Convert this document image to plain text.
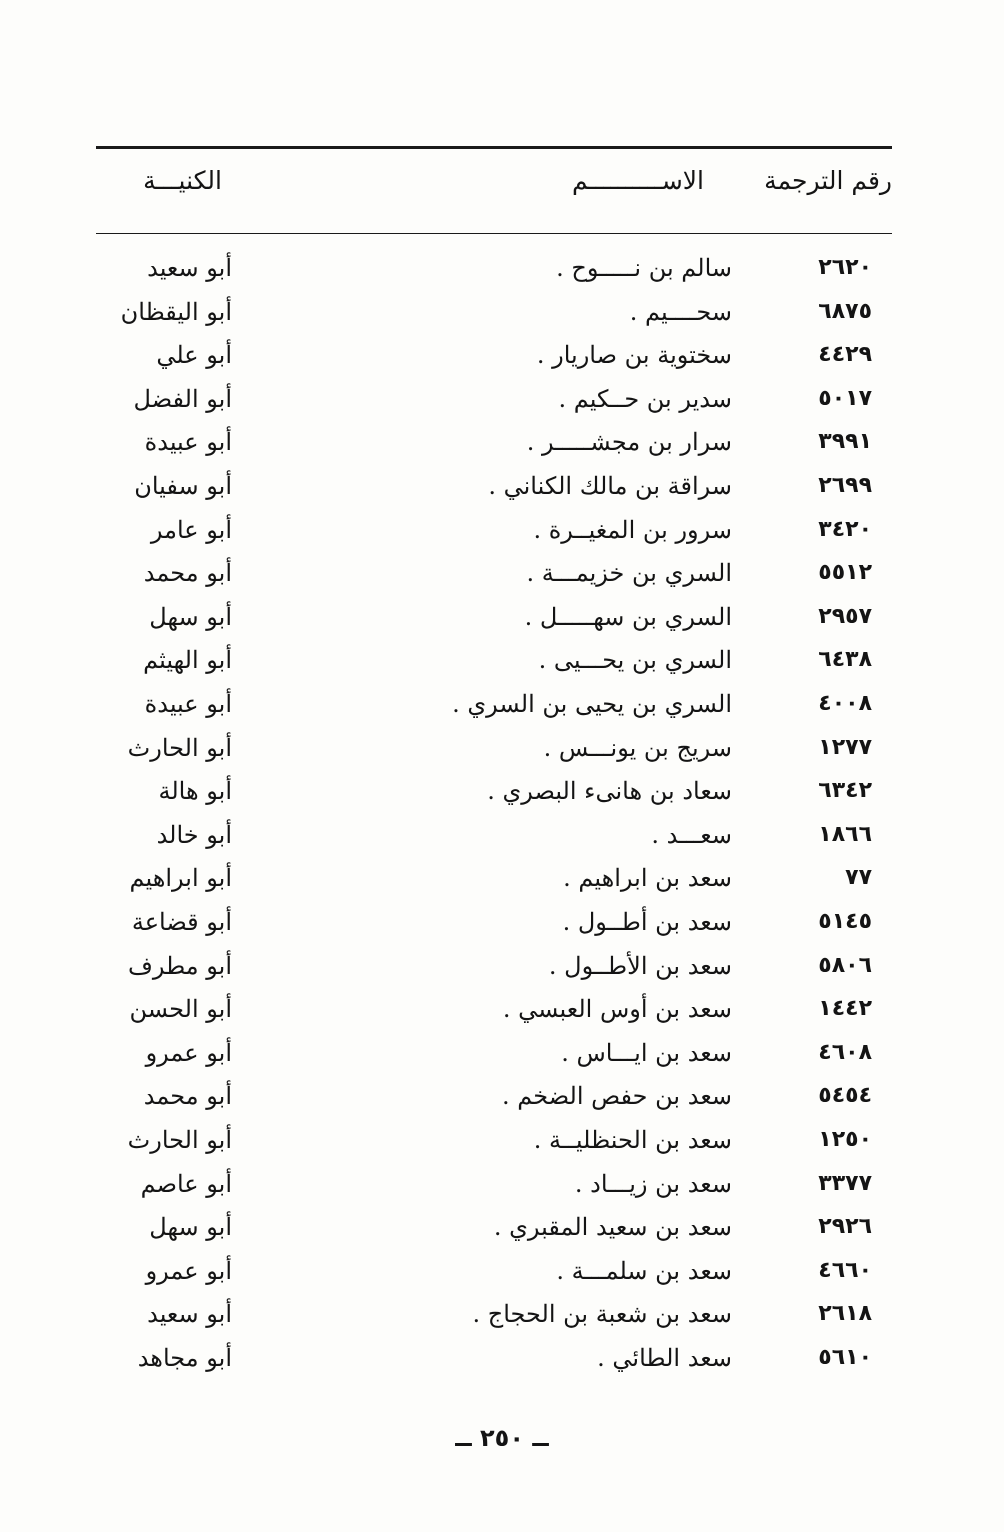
رقم الترجمة
الاســــــــــم
الكنيـــة
٢٦٢٠
سالم بن نـــــوح .
أبو سعيد
٦٨٧٥
سحــــيم .
أبو اليقظان
٤٤٢٩
سختوية بن صاريار .
أبو علي
٥٠١٧
سدير بن حــكيم .
أبو الفضل
٣٩٩١
سرار بن مجشـــــر .
أبو عبيدة
٢٦٩٩
سراقة بن مالك الكناني .
أبو سفيان
٣٤٢٠
سرور بن المغيــرة .
أبو عامر
٥٥١٢
السري بن خزيمـــة .
أبو محمد
٢٩٥٧
السري بن سهـــــل .
أبو سهل
٦٤٣٨
السري بن يحـــيى .
أبو الهيثم
٤٠٠٨
السري بن يحيى بن السري .
أبو عبيدة
١٢٧٧
سريج بن يونـــس .
أبو الحارث
٦٣٤٢
سعاد بن هانىء البصري .
أبو هالة
١٨٦٦
سعـــد .
أبو خالد
٧٧
سعد بن ابراهيم .
أبو ابراهيم
٥١٤٥
سعد بن أطــول .
أبو قضاعة
٥٨٠٦
سعد بن الأطــول .
أبو مطرف
١٤٤٢
سعد بن أوس العبسي .
أبو الحسن
٤٦٠٨
سعد بن ايـــاس .
أبو عمرو
٥٤٥٤
سعد بن حفص الضخم .
أبو محمد
١٢٥٠
سعد بن الحنظليــة .
أبو الحارث
٣٣٧٧
سعد بن زيـــاد .
أبو عاصم
٢٩٢٦
سعد بن سعيد المقبري .
أبو سهل
٤٦٦٠
سعد بن سلمـــة .
أبو عمرو
٢٦١٨
سعد بن شعبة بن الحجاج .
أبو سعيد
٥٦١٠
سعد الطائي .
أبو مجاهد
ــ ٢٥٠ ــ
